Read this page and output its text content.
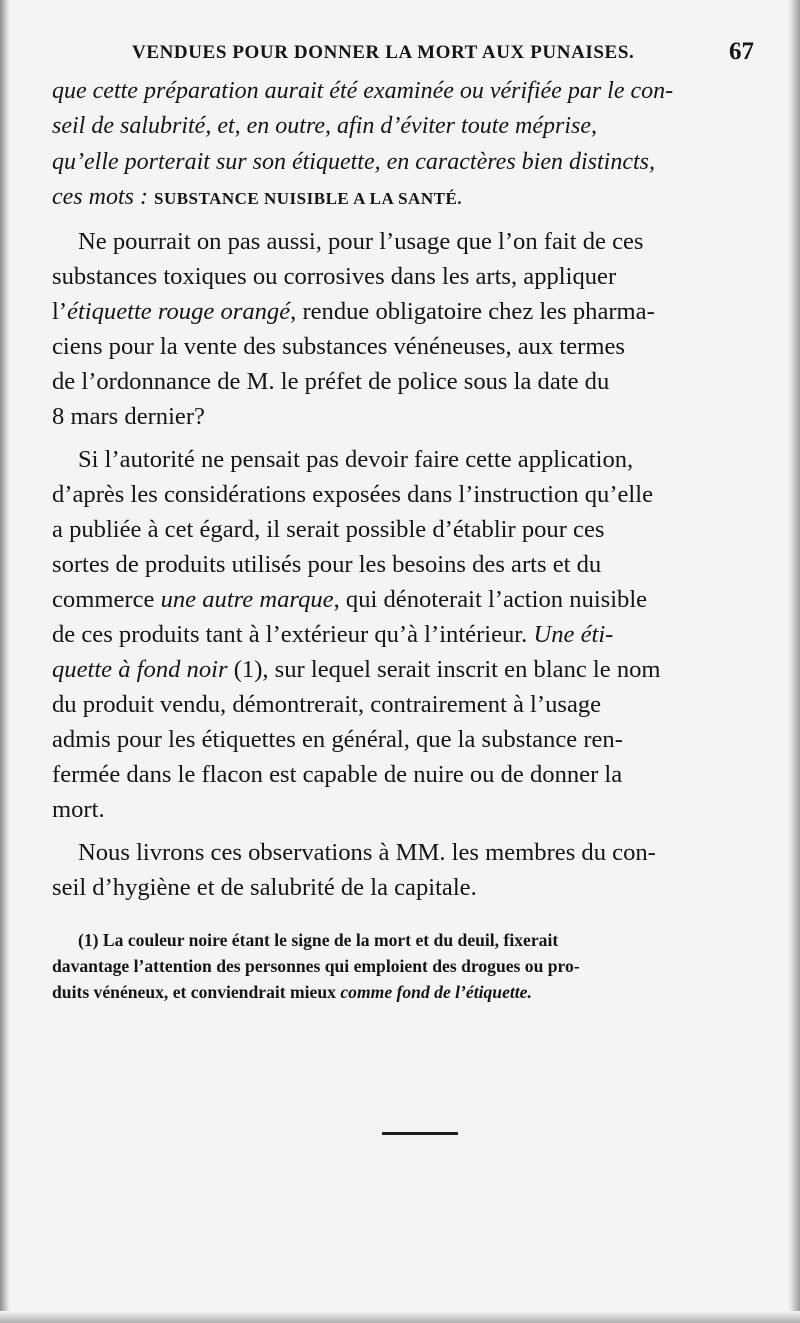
VENDUES POUR DONNER LA MORT AUX PUNAISES.	67
que cette préparation aurait été examinée ou vérifiée par le con-
seil de salubrité, et, en outre, afin d’éviter toute méprise,
qu’elle porterait sur son étiquette, en caractères bien distincts,
ces mots : SUBSTANCE NUISIBLE A LA SANTÉ.
Ne pourrait on pas aussi, pour l’usage que l’on fait de ces
substances toxiques ou corrosives dans les arts, appliquer
l’étiquette rouge orangé, rendue obligatoire chez les pharma-
ciens pour la vente des substances vénéneuses, aux termes
de l’ordonnance de M. le préfet de police sous la date du
8 mars dernier?
Si l’autorité ne pensait pas devoir faire cette application,
d’après les considérations exposées dans l’instruction qu’elle
a publiée à cet égard, il serait possible d’établir pour ces
sortes de produits utilisés pour les besoins des arts et du
commerce une autre marque, qui dénoterait l’action nuisible
de ces produits tant à l’extérieur qu’à l’intérieur. Une éti-
quette à fond noir (1), sur lequel serait inscrit en blanc le nom
du produit vendu, démontrerait, contrairement à l’usage
admis pour les étiquettes en général, que la substance ren-
fermée dans le flacon est capable de nuire ou de donner la
mort.
Nous livrons ces observations à MM. les membres du con-
seil d’hygiène et de salubrité de la capitale.
(1) La couleur noire étant le signe de la mort et du deuil, fixerait
davantage l’attention des personnes qui emploient des drogues ou pro-
duits vénéneux, et conviendrait mieux comme fond de l’étiquette.
